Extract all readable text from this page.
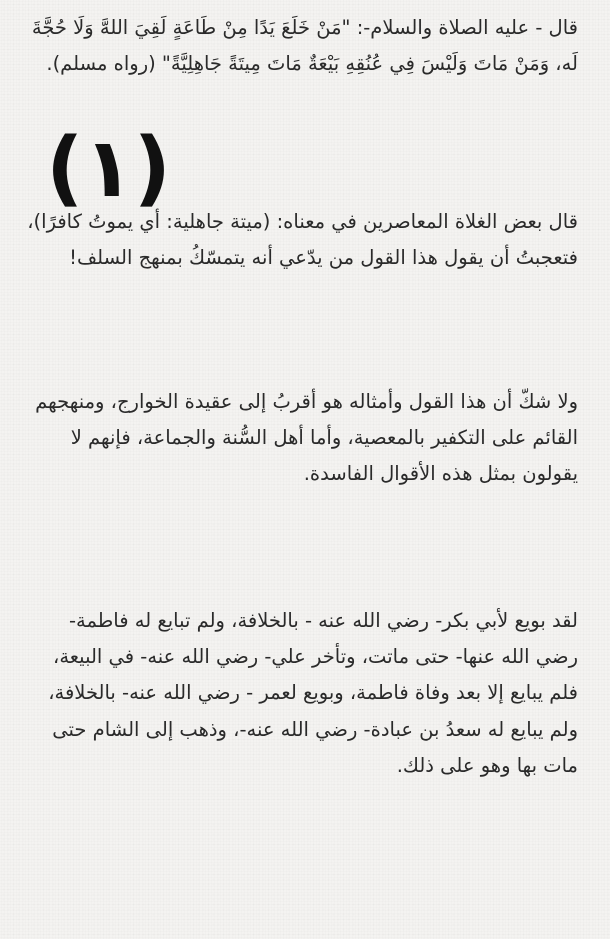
قال - عليه الصلاة والسلام-: "مَنْ خَلَعَ يَدًا مِنْ طَاعَةٍ لَقِيَ اللهَّ وَلَا حُجَّةَ لَه، وَمَنْ مَاتَ وَلَيْسَ فِي عُنُقِهِ بَيْعَةٌ مَاتَ مِيتَةً جَاهِلِيَّةً" (رواه مسلم).

قال بعض الغلاة المعاصرين في معناه: (ميتة جاهلية: أي يموتُ كافرًا)، فتعجبتُ أن يقول هذا القول من يدّعي أنه يتمسّكُ بمنهج السلف!

ولا شكّ أن هذا القول وأمثاله هو أقربُ إلى عقيدة الخوارج، ومنهجهم القائم على التكفير بالمعصية، وأما أهل السُّنة والجماعة، فإنهم لا يقولون بمثل هذه الأقوال الفاسدة.

لقد بويع لأبي بكر- رضي الله عنه - بالخلافة، ولم تبايع له فاطمة- رضي الله عنها- حتى ماتت، وتأخر علي- رضي الله عنه- في البيعة، فلم يبايع إلا بعد وفاة فاطمة، وبويع لعمر - رضي الله عنه- بالخلافة، ولم يبايع له سعدُ بن عبادة- رضي الله عنه-، وذهب إلى الشام حتى مات بها وهو على ذلك.

(١)
